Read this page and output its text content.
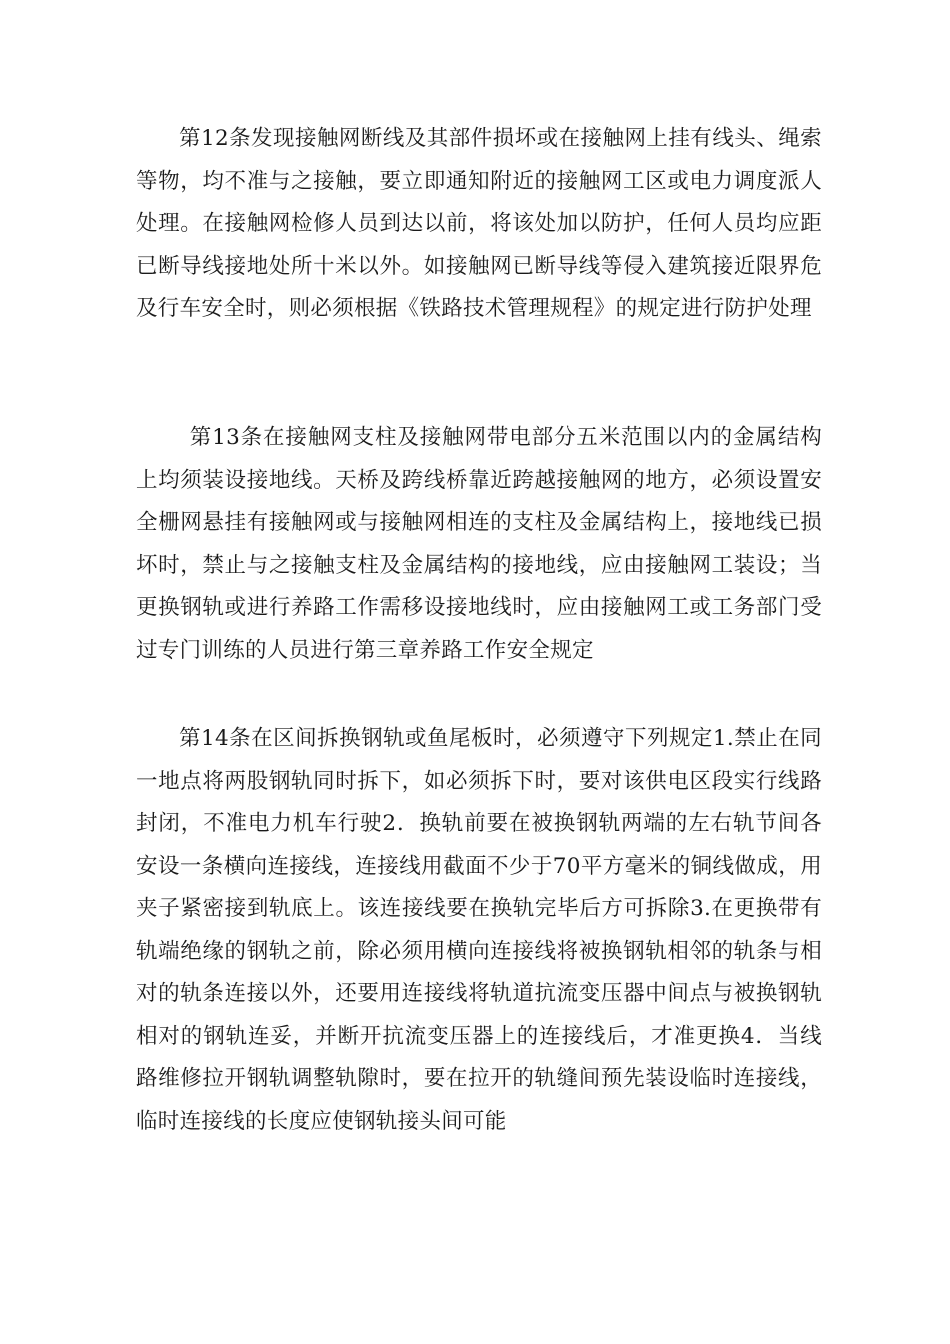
第12条发现接触网断线及其部件损坏或在接触网上挂有线头、绳索等物，均不准与之接触，要立即通知附近的接触网工区或电力调度派人处理。在接触网检修人员到达以前，将该处加以防护，任何人员均应距已断导线接地处所十米以外。如接触网已断导线等侵入建筑接近限界危及行车安全时，则必须根据《铁路技术管理规程》的规定进行防护处理

第13条在接触网支柱及接触网带电部分五米范围以内的金属结构上均须装设接地线。天桥及跨线桥靠近跨越接触网的地方，必须设置安全栅网悬挂有接触网或与接触网相连的支柱及金属结构上，接地线已损坏时，禁止与之接触支柱及金属结构的接地线，应由接触网工装设；当更换钢轨或进行养路工作需移设接地线时，应由接触网工或工务部门受过专门训练的人员进行第三章养路工作安全规定

第14条在区间拆换钢轨或鱼尾板时，必须遵守下列规定1.禁止在同一地点将两股钢轨同时拆下，如必须拆下时，要对该供电区段实行线路封闭，不准电力机车行驶2．换轨前要在被换钢轨两端的左右轨节间各安设一条横向连接线，连接线用截面不少于70平方毫米的铜线做成，用夹子紧密接到轨底上。该连接线要在换轨完毕后方可拆除3.在更换带有轨端绝缘的钢轨之前，除必须用横向连接线将被换钢轨相邻的轨条与相对的轨条连接以外，还要用连接线将轨道抗流变压器中间点与被换钢轨相对的钢轨连妥，并断开抗流变压器上的连接线后，才准更换4．当线路维修拉开钢轨调整轨隙时，要在拉开的轨缝间预先装设临时连接线，临时连接线的长度应使钢轨接头间可能
